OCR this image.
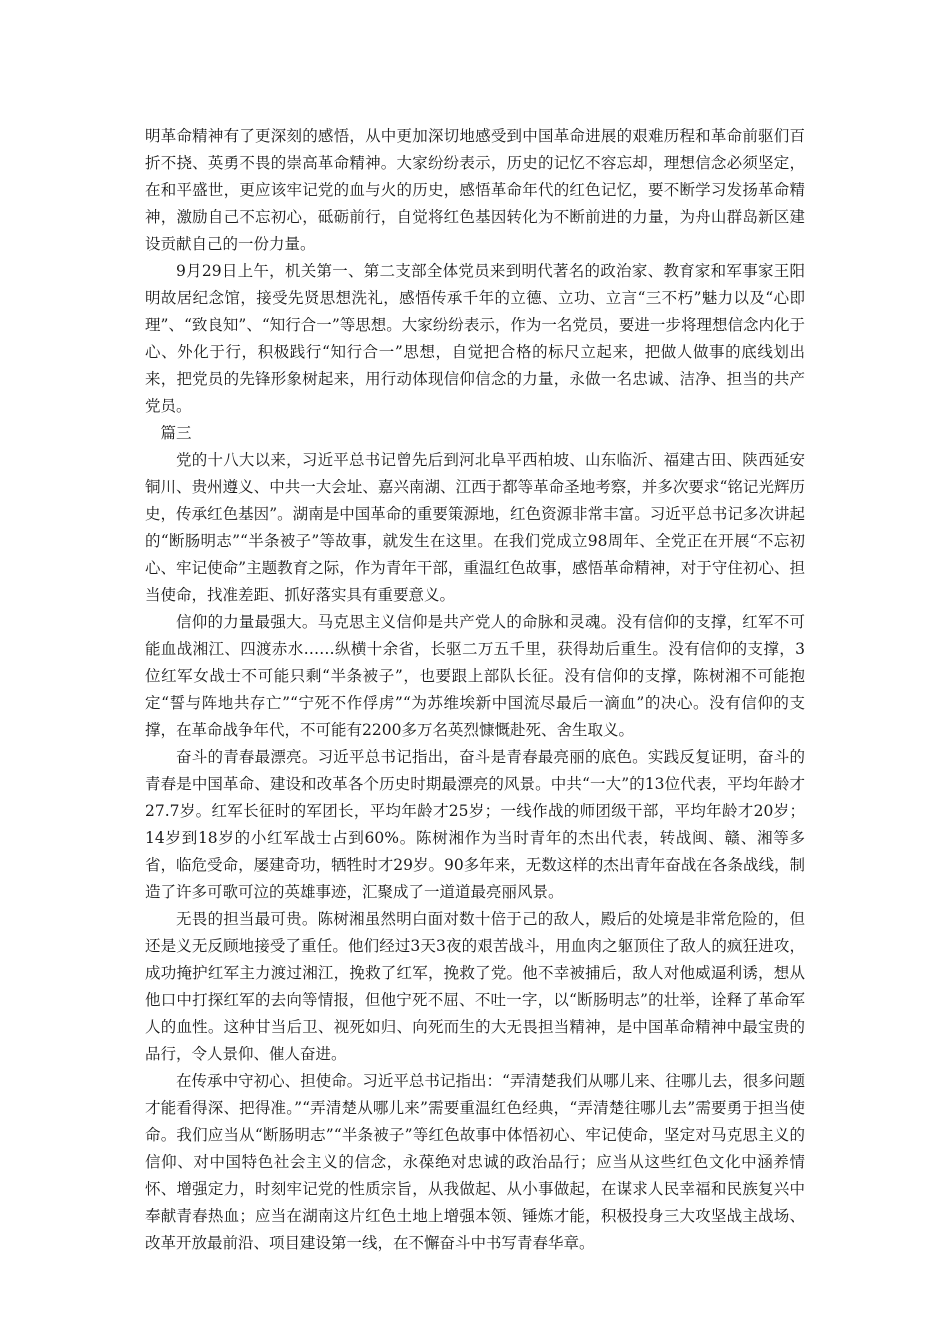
明革命精神有了更深刻的感悟，从中更加深切地感受到中国革命进展的艰难历程和革命前驱们百折不挠、英勇不畏的崇高革命精神。大家纷纷表示，历史的记忆不容忘却，理想信念必须坚定，在和平盛世，更应该牢记党的血与火的历史，感悟革命年代的红色记忆，要不断学习发扬革命精神，激励自己不忘初心，砥砺前行，自觉将红色基因转化为不断前进的力量，为舟山群岛新区建设贡献自己的一份力量。

9月29日上午，机关第一、第二支部全体党员来到明代著名的政治家、教育家和军事家王阳明故居纪念馆，接受先贤思想洗礼，感悟传承千年的立德、立功、立言“三不朽”魅力以及“心即理”、“致良知”、“知行合一”等思想。大家纷纷表示，作为一名党员，要进一步将理想信念内化于心、外化于行，积极践行“知行合一”思想，自觉把合格的标尺立起来，把做人做事的底线划出来，把党员的先锋形象树起来，用行动体现信仰信念的力量，永做一名忠诚、洁净、担当的共产党员。

篇三

党的十八大以来，习近平总书记曾先后到河北阜平西柏坡、山东临沂、福建古田、陕西延安铜川、贵州遵义、中共一大会址、嘉兴南湖、江西于都等革命圣地考察，并多次要求“铭记光辉历史，传承红色基因”。湖南是中国革命的重要策源地，红色资源非常丰富。习近平总书记多次讲起的“断肠明志”“半条被子”等故事，就发生在这里。在我们党成立98周年、全党正在开展“不忘初心、牢记使命”主题教育之际，作为青年干部，重温红色故事，感悟革命精神，对于守住初心、担当使命，找准差距、抓好落实具有重要意义。

信仰的力量最强大。马克思主义信仰是共产党人的命脉和灵魂。没有信仰的支撑，红军不可能血战湘江、四渡赤水……纵横十余省，长驱二万五千里，获得劫后重生。没有信仰的支撑，3位红军女战士不可能只剩“半条被子”，也要跟上部队长征。没有信仰的支撑，陈树湘不可能抱定“誓与阵地共存亡”“宁死不作俘虏”“为苏维埃新中国流尽最后一滴血”的决心。没有信仰的支撑，在革命战争年代，不可能有2200多万名英烈慷慨赴死、舍生取义。

奋斗的青春最漂亮。习近平总书记指出，奋斗是青春最亮丽的底色。实践反复证明，奋斗的青春是中国革命、建设和改革各个历史时期最漂亮的风景。中共“一大”的13位代表，平均年龄才27.7岁。红军长征时的军团长，平均年龄才25岁；一线作战的师团级干部，平均年龄才20岁；14岁到18岁的小红军战士占到60%。陈树湘作为当时青年的杰出代表，转战闽、赣、湘等多省，临危受命，屡建奇功，牺牲时才29岁。90多年来，无数这样的杰出青年奋战在各条战线，制造了许多可歌可泣的英雄事迹，汇聚成了一道道最亮丽风景。

无畏的担当最可贵。陈树湘虽然明白面对数十倍于己的敌人，殿后的处境是非常危险的，但还是义无反顾地接受了重任。他们经过3天3夜的艰苦战斗，用血肉之躯顶住了敌人的疯狂进攻，成功掩护红军主力渡过湘江，挽救了红军，挽救了党。他不幸被捕后，敌人对他威逼利诱，想从他口中打探红军的去向等情报，但他宁死不屈、不吐一字，以“断肠明志”的壮举，诠释了革命军人的血性。这种甘当后卫、视死如归、向死而生的大无畏担当精神，是中国革命精神中最宝贵的品行，令人景仰、催人奋进。

在传承中守初心、担使命。习近平总书记指出：“弄清楚我们从哪儿来、往哪儿去，很多问题才能看得深、把得准。”“弄清楚从哪儿来”需要重温红色经典，“弄清楚往哪儿去”需要勇于担当使命。我们应当从“断肠明志”“半条被子”等红色故事中体悟初心、牢记使命，坚定对马克思主义的信仰、对中国特色社会主义的信念，永葆绝对忠诚的政治品行；应当从这些红色文化中涵养情怀、增强定力，时刻牢记党的性质宗旨，从我做起、从小事做起，在谋求人民幸福和民族复兴中奉献青春热血；应当在湖南这片红色土地上增强本领、锤炼才能，积极投身三大攻坚战主战场、改革开放最前沿、项目建设第一线，在不懈奋斗中书写青春华章。
